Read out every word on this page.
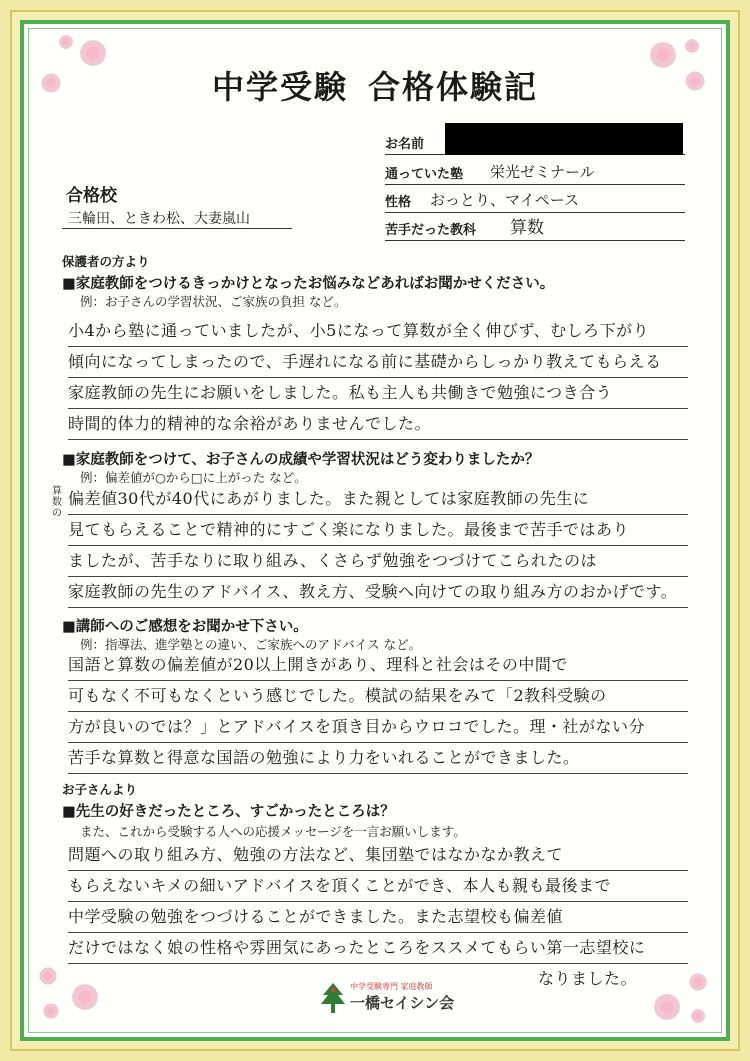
中学受験 合格体験記
お名前
通っていた塾 栄光ゼミナール
性格 おっとり、マイペース
苦手だった教科 算数
合格校
三輪田、ときわ松、大妻嵐山
保護者の方より
■家庭教師をつけるきっかけとなったお悩みなどあればお聞かせください。
例：お子さんの学習状況、ご家族の負担 など。
小4から塾に通っていましたが、小5になって算数が全く伸びず、むしろ下がり
傾向になってしまったので、手遅れになる前に基礎からしっかり教えてもらえる
家庭教師の先生にお願いをしました。私も主人も共働きで勉強につき合う
時間的体力的精神的な余裕がありませんでした。
■家庭教師をつけて、お子さんの成績や学習状況はどう変わりましたか？
例：偏差値が○から□に上がった など。
算数の
偏差値30代が40代にあがりました。また親としては家庭教師の先生に
見てもらえることで精神的にすごく楽になりました。最後まで苦手ではあり
ましたが、苦手なりに取り組み、くさらず勉強をつづけてこられたのは
家庭教師の先生のアドバイス、教え方、受験へ向けての取り組み方のおかげです。
■講師へのご感想をお聞かせ下さい。
例：指導法、進学塾との違い、ご家族へのアドバイス など。
国語と算数の偏差値が20以上開きがあり、理科と社会はその中間で
可もなく不可もなくという感じでした。模試の結果をみて「2教科受験の
方が良いのでは？」とアドバイスを頂き目からウロコでした。理・社がない分
苦手な算数と得意な国語の勉強により力をいれることができました。
お子さんより
■先生の好きだったところ、すごかったところは？
また、これから受験する人への応援メッセージを一言お願いします。
問題への取り組み方、勉強の方法など、集団塾ではなかなか教えて
もらえないキメの細いアドバイスを頂くことができ、本人も親も最後まで
中学受験の勉強をつづけることができました。また志望校も偏差値
だけではなく娘の性格や雰囲気にあったところをススメてもらい第一志望校に
なりました。
中学受験専門 家庭教師
一橋セイシン会
